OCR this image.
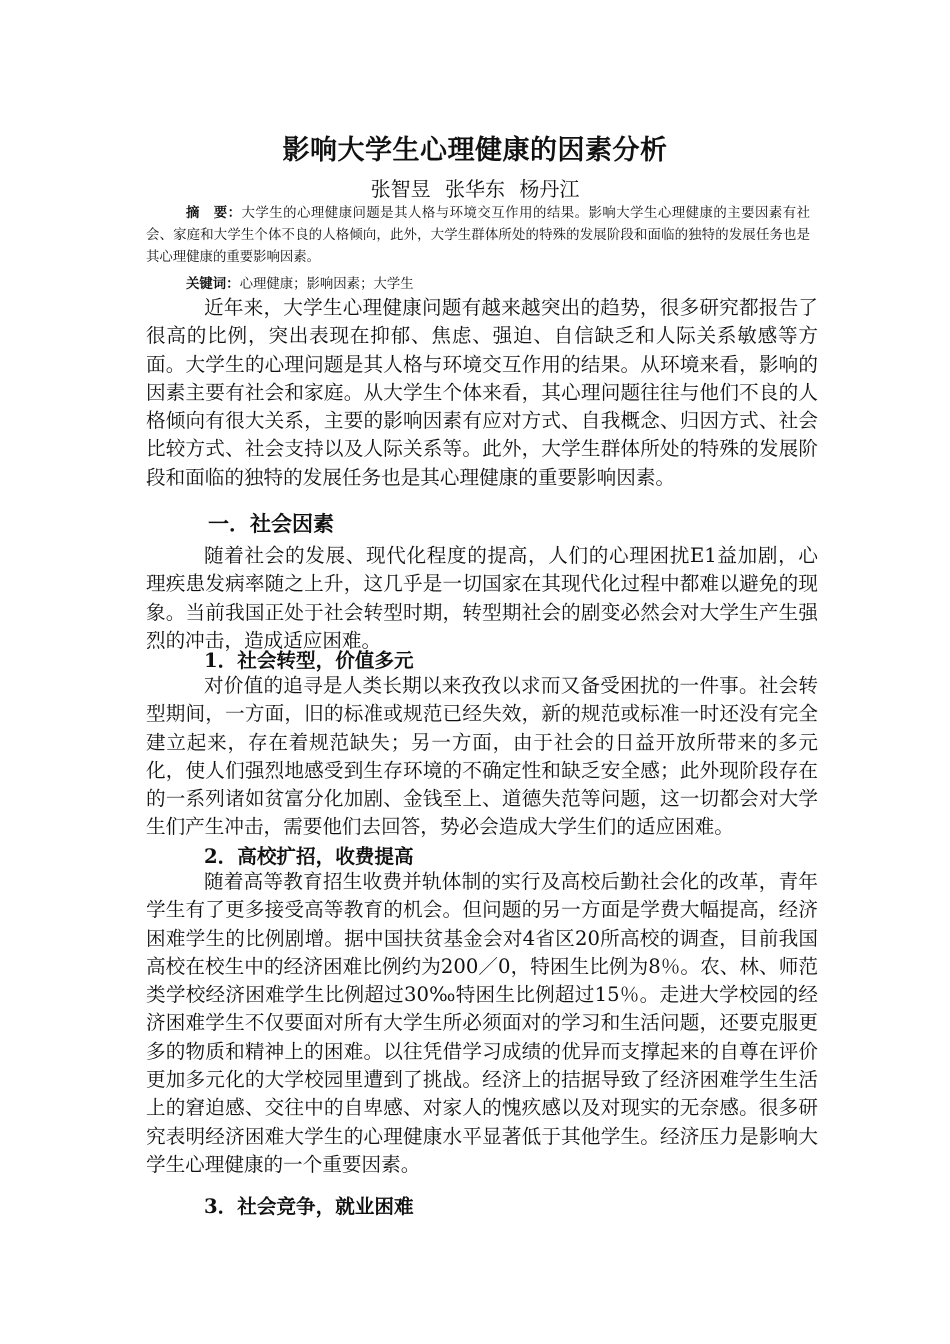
影响大学生心理健康的因素分析
张智昱 张华东 杨丹江
摘　要：大学生的心理健康问题是其人格与环境交互作用的结果。影响大学生心理健康的主要因素有社会、家庭和大学生个体不良的人格倾向，此外，大学生群体所处的特殊的发展阶段和面临的独特的发展任务也是其心理健康的重要影响因素。
关键词：心理健康；影响因素；大学生

近年来，大学生心理健康问题有越来越突出的趋势，很多研究都报告了很高的比例，突出表现在抑郁、焦虑、强迫、自信缺乏和人际关系敏感等方面。大学生的心理问题是其人格与环境交互作用的结果。从环境来看，影响的因素主要有社会和家庭。从大学生个体来看，其心理问题往往与他们不良的人格倾向有很大关系，主要的影响因素有应对方式、自我概念、归因方式、社会比较方式、社会支持以及人际关系等。此外，大学生群体所处的特殊的发展阶段和面临的独特的发展任务也是其心理健康的重要影响因素。

一．社会因素

随着社会的发展、现代化程度的提高，人们的心理困扰E1益加剧，心理疾患发病率随之上升，这几乎是一切国家在其现代化过程中都难以避免的现象。当前我国正处于社会转型时期，转型期社会的剧变必然会对大学生产生强烈的冲击，造成适应困难。

1．社会转型，价值多元

对价值的追寻是人类长期以来孜孜以求而又备受困扰的一件事。社会转型期间，一方面，旧的标准或规范已经失效，新的规范或标准一时还没有完全建立起来，存在着规范缺失；另一方面，由于社会的日益开放所带来的多元化，使人们强烈地感受到生存环境的不确定性和缺乏安全感；此外现阶段存在的一系列诸如贫富分化加剧、金钱至上、道德失范等问题，这一切都会对大学生们产生冲击，需要他们去回答，势必会造成大学生们的适应困难。

2．高校扩招，收费提高

随着高等教育招生收费并轨体制的实行及高校后勤社会化的改革，青年学生有了更多接受高等教育的机会。但问题的另一方面是学费大幅提高，经济困难学生的比例剧增。据中国扶贫基金会对4省区20所高校的调查，目前我国高校在校生中的经济困难比例约为200／0，特困生比例为8％。农、林、师范类学校经济困难学生比例超过30‰特困生比例超过15％。走进大学校园的经济困难学生不仅要面对所有大学生所必须面对的学习和生活问题，还要克服更多的物质和精神上的困难。以往凭借学习成绩的优异而支撑起来的自尊在评价更加多元化的大学校园里遭到了挑战。经济上的拮据导致了经济困难学生生活上的窘迫感、交往中的自卑感、对家人的愧疚感以及对现实的无奈感。很多研究表明经济困难大学生的心理健康水平显著低于其他学生。经济压力是影响大学生心理健康的一个重要因素。

3．社会竞争，就业困难
